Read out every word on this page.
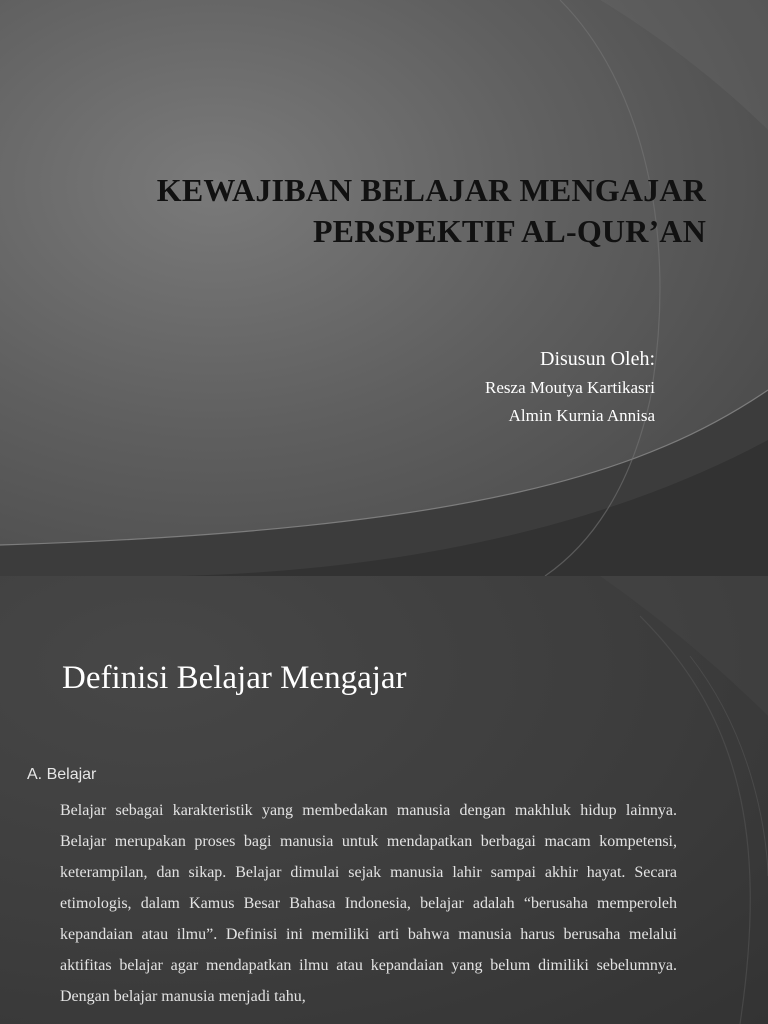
KEWAJIBAN BELAJAR MENGAJAR
PERSPEKTIF AL-QUR’AN
Disusun Oleh:
Resza Moutya Kartikasri
Almin Kurnia Annisa
Definisi Belajar Mengajar
A. Belajar

Belajar sebagai karakteristik yang membedakan manusia dengan makhluk hidup lainnya. Belajar merupakan proses bagi manusia untuk mendapatkan berbagai macam kompetensi, keterampilan, dan sikap. Belajar dimulai sejak manusia lahir sampai akhir hayat. Secara etimologis, dalam Kamus Besar Bahasa Indonesia, belajar adalah “berusaha memperoleh kepandaian atau ilmu”. Definisi ini memiliki arti bahwa manusia harus berusaha melalui aktifitas belajar agar mendapatkan ilmu atau kepandaian yang belum dimiliki sebelumnya. Dengan belajar manusia menjadi tahu,
